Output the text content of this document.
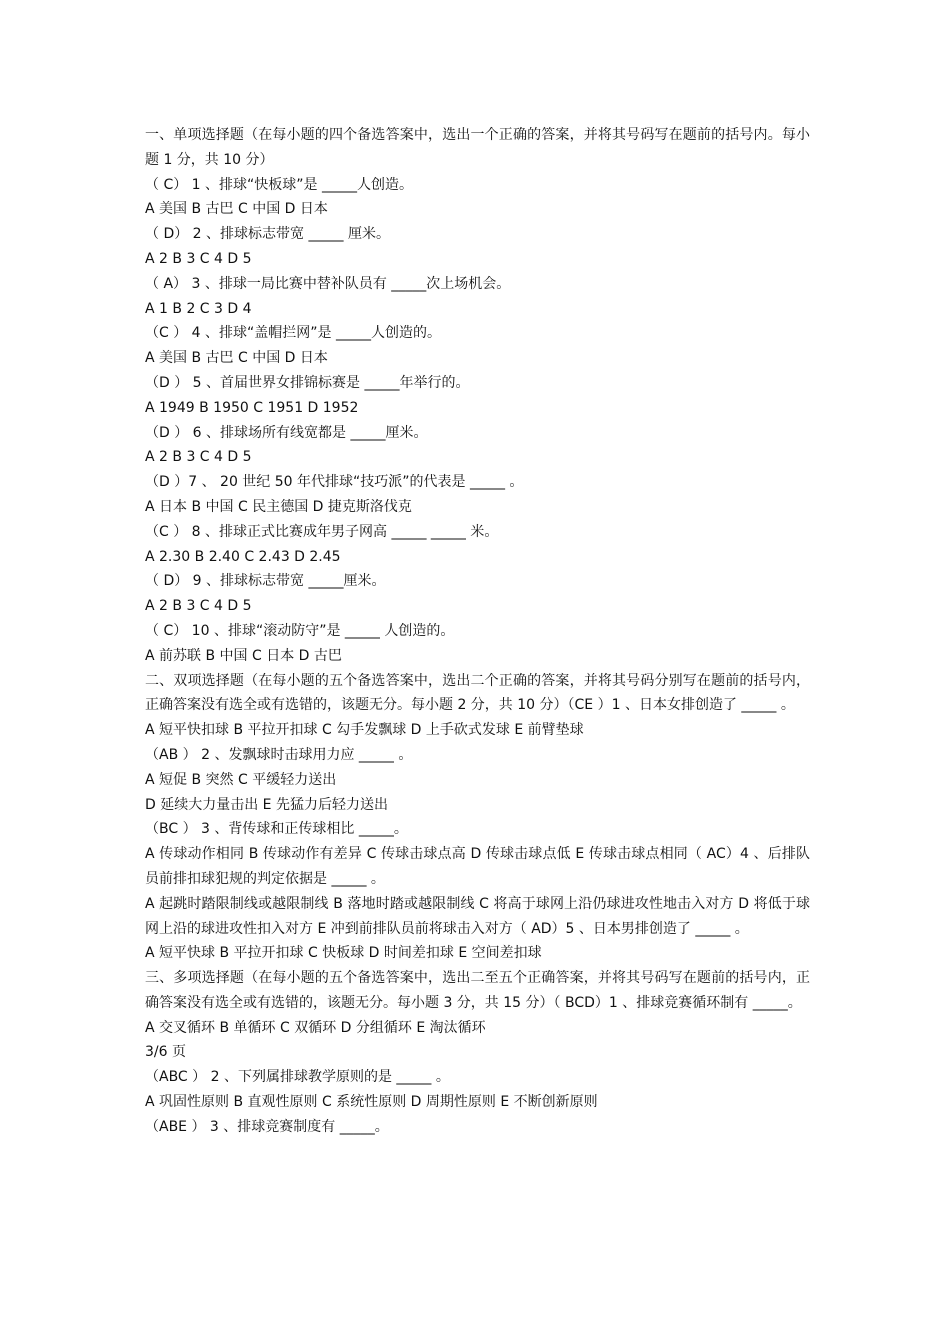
一、单项选择题（在每小题的四个备选答案中，选出一个正确的答案，并将其号码写在题前的括号内。每小题 1 分，共 10 分）

（ C） 1 、排球“快板球”是 _____人创造。

A 美国 B 古巴 C 中国 D 日本

（ D） 2 、排球标志带宽 _____ 厘米。

A 2 B 3 C 4 D 5

（ A） 3 、排球一局比赛中替补队员有 _____次上场机会。

A 1 B 2 C 3 D 4

（C ） 4 、排球“盖帽拦网”是 _____人创造的。

A 美国 B 古巴 C 中国 D 日本

（D ） 5 、首届世界女排锦标赛是 _____年举行的。

A 1949 B 1950 C 1951 D 1952

（D ） 6 、排球场所有线宽都是 _____厘米。

A 2 B 3 C 4 D 5

（D ）7 、 20 世纪 50 年代排球“技巧派”的代表是 _____ 。

A 日本 B 中国 C 民主德国 D 捷克斯洛伐克

（C ） 8 、排球正式比赛成年男子网高 _____ _____ 米。

A 2.30 B 2.40 C 2.43 D 2.45

（ D） 9 、排球标志带宽 _____厘米。

A 2 B 3 C 4 D 5

（ C） 10 、排球“滚动防守”是 _____ 人创造的。

A 前苏联 B 中国 C 日本 D 古巴

二、双项选择题（在每小题的五个备选答案中，选出二个正确的答案，并将其号码分别写在题前的括号内，正确答案没有选全或有选错的，该题无分。每小题 2 分，共 10 分）（CE ）1 、日本女排创造了 _____ 。

A 短平快扣球 B 平拉开扣球 C 勾手发飘球 D 上手砍式发球 E 前臂垫球

（AB ） 2 、发飘球时击球用力应 _____ 。

A 短促 B 突然 C 平缓轻力送出

D 延续大力量击出 E 先猛力后轻力送出

（BC ） 3 、背传球和正传球相比 _____。

A 传球动作相同 B 传球动作有差异 C 传球击球点高 D 传球击球点低 E 传球击球点相同（ AC）4 、后排队员前排扣球犯规的判定依据是 _____ 。

A 起跳时踏限制线或越限制线 B 落地时踏或越限制线 C 将高于球网上沿仍球进攻性地击入对方 D 将低于球网上沿的球进攻性扣入对方 E 冲到前排队员前将球击入对方（ AD）5 、日本男排创造了 _____ 。

A 短平快球 B 平拉开扣球 C 快板球 D 时间差扣球 E 空间差扣球

三、多项选择题（在每小题的五个备选答案中，选出二至五个正确答案，并将其号码写在题前的括号内，正确答案没有选全或有选错的，该题无分。每小题 3 分，共 15 分）（ BCD）1 、排球竞赛循环制有 _____。

A 交叉循环 B 单循环 C 双循环 D 分组循环 E 淘汰循环

3/6 页

（ABC ） 2 、下列属排球教学原则的是 _____ 。

A 巩固性原则 B 直观性原则 C 系统性原则 D 周期性原则 E 不断创新原则

（ABE ） 3 、排球竞赛制度有 _____。
